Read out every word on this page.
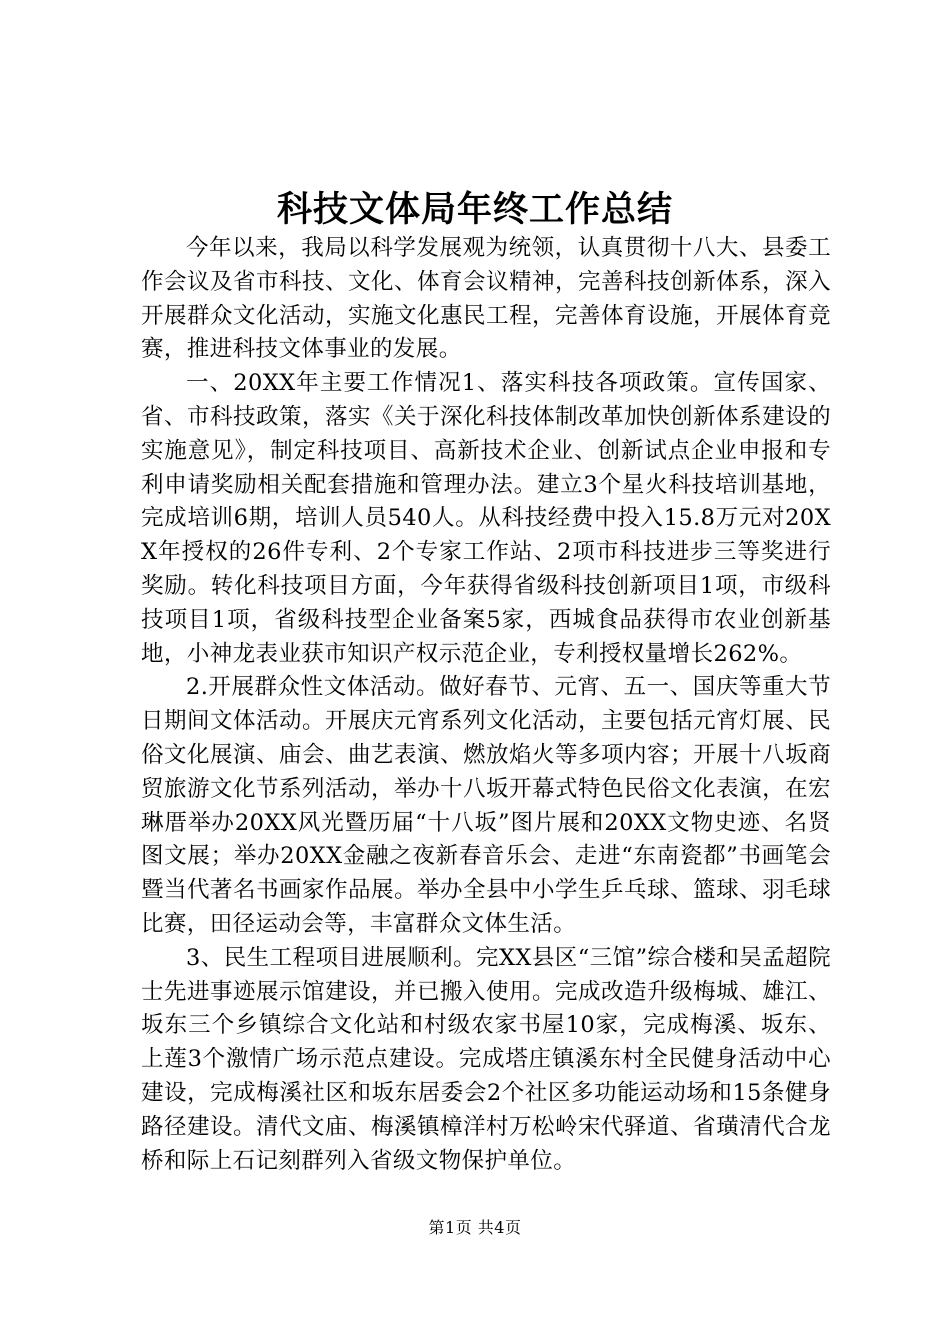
科技文体局年终工作总结

今年以来，我局以科学发展观为统领，认真贯彻十八大、县委工作会议及省市科技、文化、体育会议精神，完善科技创新体系，深入开展群众文化活动，实施文化惠民工程，完善体育设施，开展体育竞赛，推进科技文体事业的发展。

一、20XX年主要工作情况1、落实科技各项政策。宣传国家、省、市科技政策，落实《关于深化科技体制改革加快创新体系建设的实施意见》，制定科技项目、高新技术企业、创新试点企业申报和专利申请奖励相关配套措施和管理办法。建立3个星火科技培训基地，完成培训6期，培训人员540人。从科技经费中投入15.8万元对20XX年授权的26件专利、2个专家工作站、2项市科技进步三等奖进行奖励。转化科技项目方面，今年获得省级科技创新项目1项，市级科技项目1项，省级科技型企业备案5家，西城食品获得市农业创新基地，小神龙表业获市知识产权示范企业，专利授权量增长262%。

2.开展群众性文体活动。做好春节、元宵、五一、国庆等重大节日期间文体活动。开展庆元宵系列文化活动，主要包括元宵灯展、民俗文化展演、庙会、曲艺表演、燃放焰火等多项内容；开展十八坂商贸旅游文化节系列活动，举办十八坂开幕式特色民俗文化表演，在宏琳厝举办20XX风光暨历届“十八坂”图片展和20XX文物史迹、名贤图文展；举办20XX金融之夜新春音乐会、走进“东南瓷都”书画笔会暨当代著名书画家作品展。举办全县中小学生乒乓球、篮球、羽毛球比赛，田径运动会等，丰富群众文体生活。

3、民生工程项目进展顺利。完XX县区“三馆”综合楼和吴孟超院士先进事迹展示馆建设，并已搬入使用。完成改造升级梅城、雄江、坂东三个乡镇综合文化站和村级农家书屋10家，完成梅溪、坂东、上莲3个激情广场示范点建设。完成塔庄镇溪东村全民健身活动中心建设，完成梅溪社区和坂东居委会2个社区多功能运动场和15条健身路径建设。清代文庙、梅溪镇樟洋村万松岭宋代驿道、省璜清代合龙桥和际上石记刻群列入省级文物保护单位。

第1页 共4页
